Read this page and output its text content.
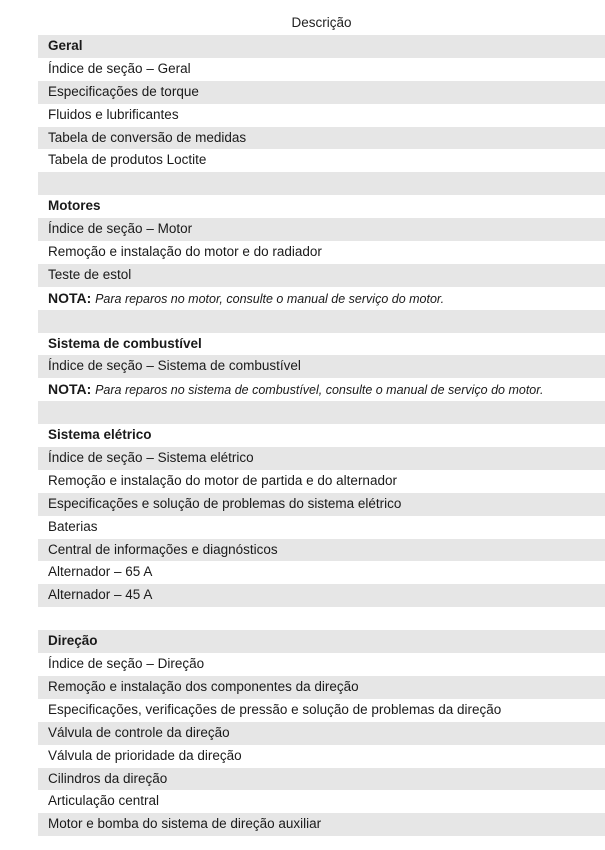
Descrição
Geral
Índice de seção – Geral
Especificações de torque
Fluidos e lubrificantes
Tabela de conversão de medidas
Tabela de produtos Loctite
Motores
Índice de seção – Motor
Remoção e instalação do motor e do radiador
Teste de estol
NOTA: Para reparos no motor, consulte o manual de serviço do motor.
Sistema de combustível
Índice de seção – Sistema de combustível
NOTA: Para reparos no sistema de combustível, consulte o manual de serviço do motor.
Sistema elétrico
Índice de seção – Sistema elétrico
Remoção e instalação do motor de partida e do alternador
Especificações e solução de problemas do sistema elétrico
Baterias
Central de informações e diagnósticos
Alternador – 65 A
Alternador – 45 A
Direção
Índice de seção – Direção
Remoção e instalação dos componentes da direção
Especificações, verificações de pressão e solução de problemas da direção
Válvula de controle da direção
Válvula de prioridade da direção
Cilindros da direção
Articulação central
Motor e bomba do sistema de direção auxiliar
